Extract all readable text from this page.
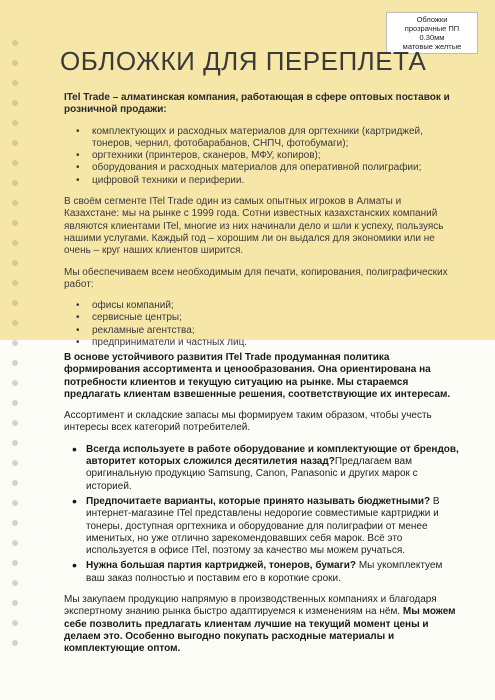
Обложки
прозрачные ПП
0.30мм
матовые желтые
ОБЛОЖКИ ДЛЯ ПЕРЕПЛЕТА

ITel Trade – алматинская компания, работающая в сфере оптовых поставок и розничной продажи:

• комплектующих и расходных материалов для оргтехники (картриджей, тонеров, чернил, фотобарабанов, СНПЧ, фотобумаги);
• оргтехники (принтеров, сканеров, МФУ, копиров);
• оборудования и расходных материалов для оперативной полиграфии;
• цифровой техники и периферии.

В своём сегменте ITel Trade один из самых опытных игроков в Алматы и Казахстане: мы на рынке с 1999 года. Сотни известных казахстанских компаний являются клиентами ITel, многие из них начинали дело и шли к успеху, пользуясь нашими услугами. Каждый год – хорошим ли он выдался для экономики или не очень – круг наших клиентов ширится.

Мы обеспечиваем всем необходимым для печати, копирования, полиграфических работ:

• офисы компаний;
• сервисные центры;
• рекламные агентства;
• предприниматели и частных лиц.

В основе устойчивого развития ITel Trade продуманная политика формирования ассортимента и ценообразования. Она ориентирована на потребности клиентов и текущую ситуацию на рынке. Мы стараемся предлагать клиентам взвешенные решения, соответствующие их интересам.

Ассортимент и складские запасы мы формируем таким образом, чтобы учесть интересы всех категорий потребителей.

• Всегда используете в работе оборудование и комплектующие от брендов, авторитет которых сложился десятилетия назад?Предлагаем вам оригинальную продукцию Samsung, Canon, Panasonic и других марок с историей.
• Предпочитаете варианты, которые принято называть бюджетными? В интернет-магазине ITel представлены недорогие совместимые картриджи и тонеры, доступная оргтехника и оборудование для полиграфии от менее именитых, но уже отлично зарекомендовавших себя марок. Всё это используется в офисе ITel, поэтому за качество мы можем ручаться.
• Нужна большая партия картриджей, тонеров, бумаги? Мы укомплектуем ваш заказ полностью и поставим его в короткие сроки.

Мы закупаем продукцию напрямую в производственных компаниях и благодаря экспертному знанию рынка быстро адаптируемся к изменениям на нём. Мы можем себе позволить предлагать клиентам лучшие на текущий момент цены и делаем это. Особенно выгодно покупать расходные материалы и комплектующие оптом.
